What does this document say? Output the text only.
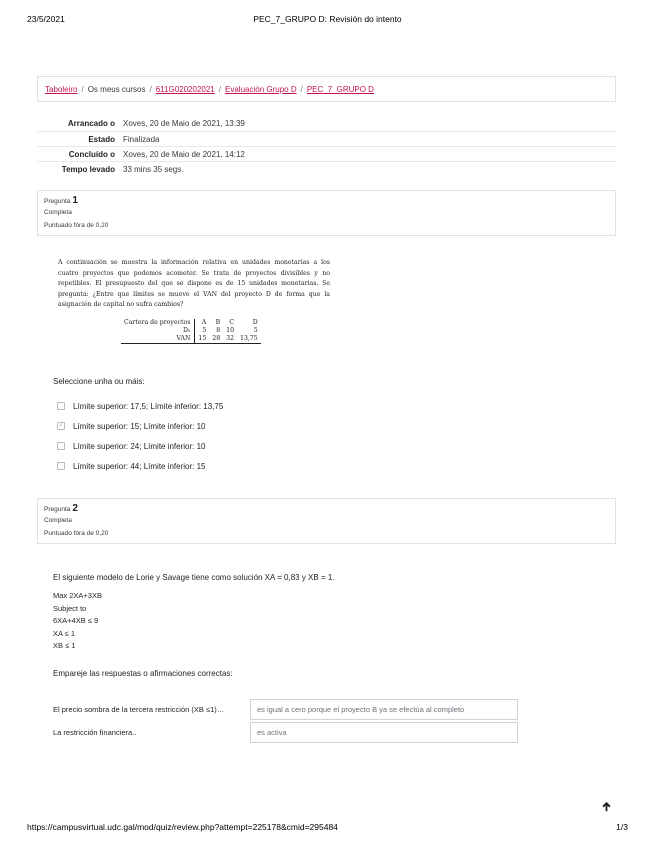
23/5/2021	PEC_7_GRUPO D: Revisión do intento
Taboleiro / Os meus cursos / 611G020202021 / Evaluación Grupo D / PEC_7_GRUPO D
Arrancado o	Xoves, 20 de Maio de 2021, 13:39
Estado	Finalizada
Concluído o	Xoves, 20 de Maio de 2021, 14:12
Tempo levado	33 mins 35 segs.
Pregunta 1
Completa
Puntuado fóra de 0,20
A continuación se muestra la información relativa en unidades monetarias a los cuatro proyectos que podemos acometer. Se trata de proyectos divisibles y no repetibles. El presupuesto del que se dispone es de 15 unidades monetarias. Se pregunta: ¿Entre que límites se mueve el VAN del proyecto D de forma que la asignación de capital no sufra cambios?
Cartera de proyectos	A	B	C	D
D₀	5	8	10	5
VAN	15	28	32	13,75
Seleccione unha ou máis:
Límite superior: 17,5; Límite inferior: 13,75
✓ Límite superior: 15; Límite inferior: 10
Límite superior: 24; Límite inferior: 10
Límite superior: 44; Límite inferior: 15
Pregunta 2
Completa
Puntuado fóra de 0,20
El siguiente modelo de Lorie y Savage tiene como solución XA = 0,83 y XB = 1.
Max 2XA+3XB
Subject to
6XA+4XB ≤ 9
XA ≤ 1
XB ≤ 1
Empareje las respuestas o afirmaciones correctas:
El precio sombra de la tercera restricción (XB ≤1)…	es igual a cero porque el proyecto B ya se efectúa al completo
La restricción financiera..	es activa
https://campusvirtual.udc.gal/mod/quiz/review.php?attempt=225178&cmid=295484	1/3
